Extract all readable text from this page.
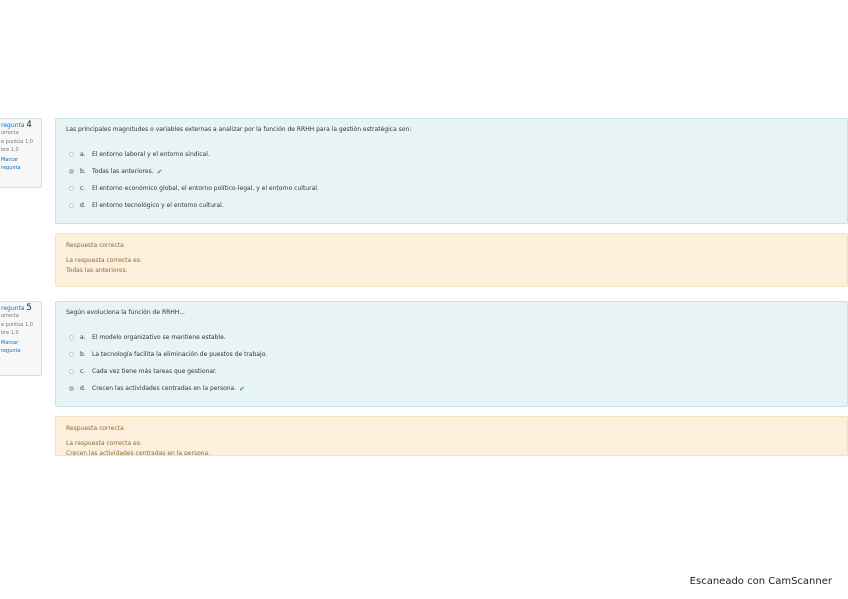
regunta 4
orrecta
e puntúa 1,0
bre 1,0
Marcar
regunta
Las principales magnitudes o variables externas a analizar por la función de RRHH para la gestión estratégica son:
a.	El entorno laboral y el entorno sindical.
b.	Todas las anteriores. ✔
c.	El entorno económico global, el entorno político-legal, y el entorno cultural.
d.	El entorno tecnológico y el entorno cultural.
Respuesta correcta
La respuesta correcta es:
Todas las anteriores.
regunta 5
orrecta
e puntúa 1,0
bre 1,0
Marcar
regunta
Según evoluciona la función de RRHH...
a.	El modelo organizativo se mantiene estable.
b.	La tecnología facilita la eliminación de puestos de trabajo.
c.	Cada vez tiene más tareas que gestionar.
d.	Crecen las actividades centradas en la persona. ✔
Respuesta correcta
La respuesta correcta es:
Crecen las actividades centradas en la persona.
Escaneado con CamScanner
